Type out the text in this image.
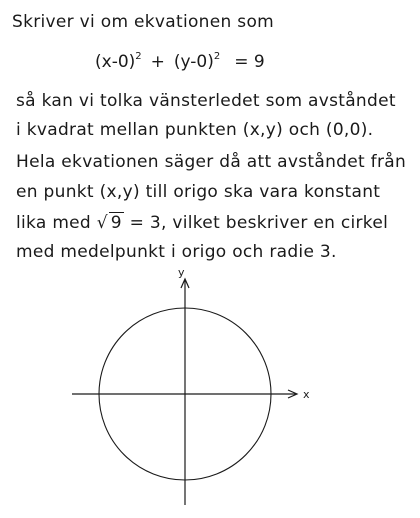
Skriver vi om ekvationen som
$(x-0)^2 + (y-0)^2 = 9$
så kan vi tolka vänsterledet som avståndet
i kvadrat mellan punkten (x,y) och (0,0).
Hela ekvationen säger då att avståndet från
en punkt (x,y) till origo ska vara konstant
lika med √ 9 = 3, vilket beskriver en cirkel
med medelpunkt i origo och radie 3.
x
y
